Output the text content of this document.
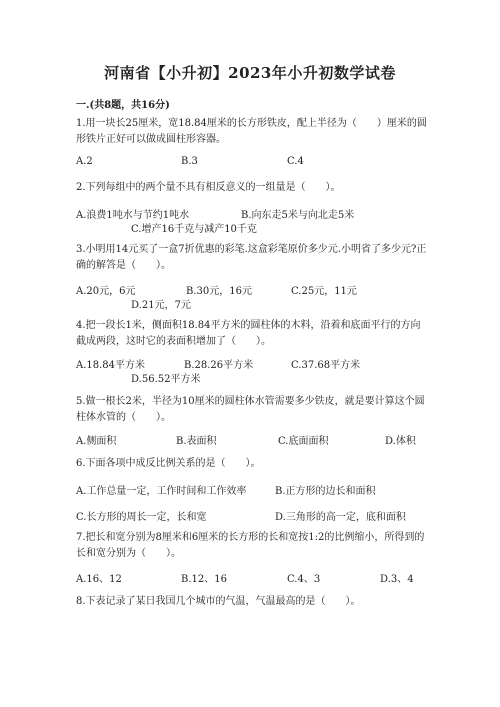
河南省【小升初】2023年小升初数学试卷
一.(共8题，共16分)
1.用一块长25厘米，宽18.84厘米的长方形铁皮，配上半径为（　　）厘米的圆形铁片正好可以做成圆柱形容器。
A.2	B.3	C.4
2.下列每组中的两个量不具有相反意义的一组量是（　　）。
A.浪费1吨水与节约1吨水	B.向东走5米与向北走5米
C.增产16千克与减产10千克
3.小明用14元买了一盒7折优惠的彩笔.这盒彩笔原价多少元.小明省了多少元?正确的解答是（　　）。
A.20元，6元	B.30元，16元	C.25元，11元
D.21元，7元
4.把一段长1米，侧面积18.84平方米的圆柱体的木料，沿着和底面平行的方向截成两段，这时它的表面积增加了（　　）。
A.18.84平方米	B.28.26平方米	C.37.68平方米
D.56.52平方米
5.做一根长2米，半径为10厘米的圆柱体水管需要多少铁皮，就是要计算这个圆柱体水管的（　　）。
A.侧面积	B.表面积	C.底面面积	D.体积
6.下面各项中成反比例关系的是（　　）。
A.工作总量一定，工作时间和工作效率	B.正方形的边长和面积
C.长方形的周长一定，长和宽	D.三角形的高一定，底和面积
7.把长和宽分别为8厘米和6厘米的长方形的长和宽按1:2的比例缩小，所得到的长和宽分别为（　　）。
A.16、12	B.12、16	C.4、3	D.3、4
8.下表记录了某日我国几个城市的气温，气温最高的是（　　）。
